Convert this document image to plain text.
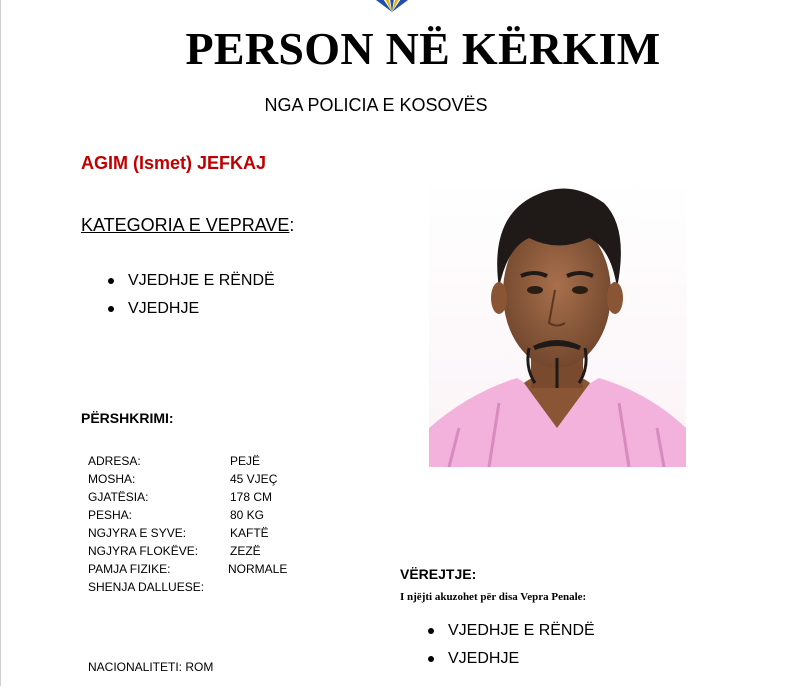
PERSON NË KËRKIM
NGA POLICIA E KOSOVËS
AGIM (Ismet) JEFKAJ
KATEGORIA E VEPRAVE:
VJEDHJE E RËNDË
VJEDHJE
PËRSHKRIMI:
ADRESA:	PEJË
MOSHA:	45 VJEÇ
GJATËSIA:	178 CM
PESHA:	80 KG
NGJYRA E SYVE:	KAFTË
NGJYRA FLOKËVE:	ZEZË
PAMJA FIZIKE:	NORMALE
SHENJA DALLUESE:
NACIONALITETI: ROM
VËREJTJE:
I njëjti akuzohet për disa Vepra Penale:
VJEDHJE E RËNDË
VJEDHJE
